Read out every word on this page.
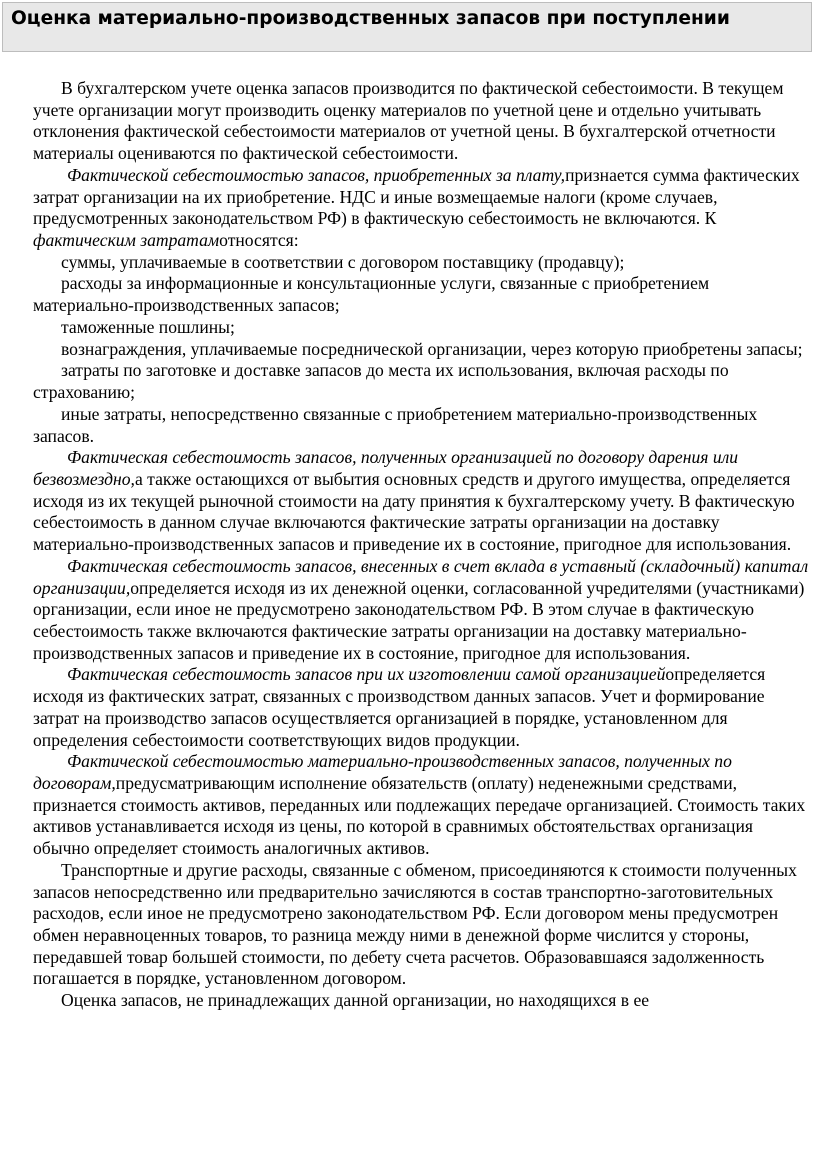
Оценка материально-производственных запасов при поступлении

В бухгалтерском учете оценка запасов производится по фактической себестоимости. В текущем учете организации могут производить оценку материалов по учетной цене и отдельно учитывать отклонения фактической себестоимости материалов от учетной цены. В бухгалтерской отчетности материалы оцениваются по фактической себестоимости.

Фактической себестоимостью запасов, приобретенных за плату,признается сумма фактических затрат организации на их приобретение. НДС и иные возмещаемые налоги (кроме случаев, предусмотренных законодательством РФ) в фактическую себестоимость не включаются. К фактическим затратамотносятся:

суммы, уплачиваемые в соответствии с договором поставщику (продавцу);

расходы за информационные и консультационные услуги, связанные с приобретением материально-производственных запасов;

таможенные пошлины;

вознаграждения, уплачиваемые посреднической организации, через которую приобретены запасы;

затраты по заготовке и доставке запасов до места их использования, включая расходы по страхованию;

иные затраты, непосредственно связанные с приобретением материально-производственных запасов.

Фактическая себестоимость запасов, полученных организацией по договору дарения или безвозмездно,а также остающихся от выбытия основных средств и другого имущества, определяется исходя из их текущей рыночной стоимости на дату принятия к бухгалтерскому учету. В фактическую себестоимость в данном случае включаются фактические затраты организации на доставку материально-производственных запасов и приведение их в состояние, пригодное для использования.

Фактическая себестоимость запасов, внесенных в счет вклада в уставный (складочный) капитал организации,определяется исходя из их денежной оценки, согласованной учредителями (участниками) организации, если иное не предусмотрено законодательством РФ. В этом случае в фактическую себестоимость также включаются фактические затраты организации на доставку материально-производственных запасов и приведение их в состояние, пригодное для использования.

Фактическая себестоимость запасов при их изготовлении самой организациейопределяется исходя из фактических затрат, связанных с производством данных запасов. Учет и формирование затрат на производство запасов осуществляется организацией в порядке, установленном для определения себестоимости соответствующих видов продукции.

Фактической себестоимостью материально-производственных запасов, полученных по договорам,предусматривающим исполнение обязательств (оплату) неденежными средствами, признается стоимость активов, переданных или подлежащих передаче организацией. Стоимость таких активов устанавливается исходя из цены, по которой в сравнимых обстоятельствах организация обычно определяет стоимость аналогичных активов.

Транспортные и другие расходы, связанные с обменом, присоединяются к стоимости полученных запасов непосредственно или предварительно зачисляются в состав транспортно-заготовительных расходов, если иное не предусмотрено законодательством РФ. Если договором мены предусмотрен обмен неравноценных товаров, то разница между ними в денежной форме числится у стороны, передавшей товар большей стоимости, по дебету счета расчетов. Образовавшаяся задолженность погашается в порядке, установленном договором.

Оценка запасов, не принадлежащих данной организации, но находящихся в ее
